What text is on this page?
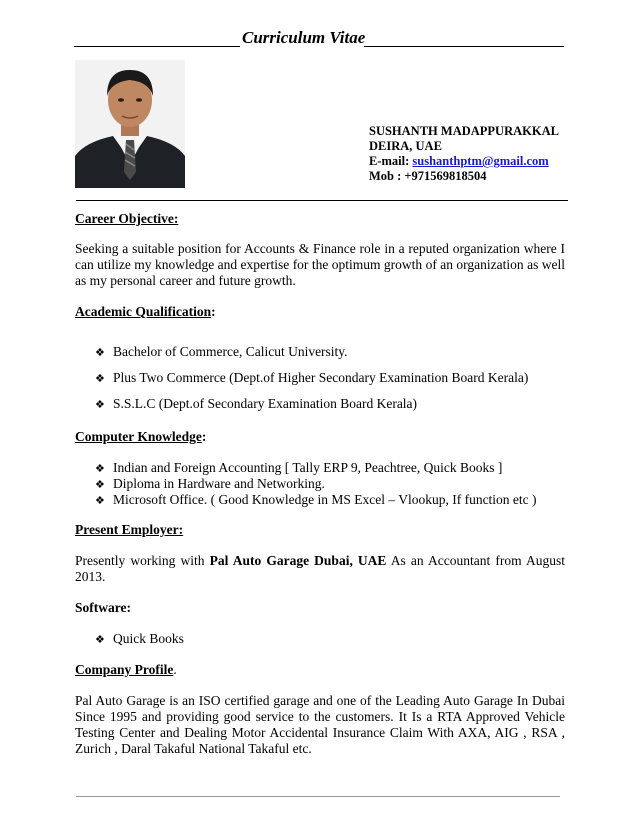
Curriculum Vitae
SUSHANTH MADAPPURAKKAL
DEIRA, UAE
E-mail: sushanthptm@gmail.com
Mob : +971569818504
Career Objective:
Seeking a suitable position for Accounts & Finance role in a reputed organization where I can utilize my knowledge and expertise for the optimum growth of an organization as well as my personal career and future growth.
Academic Qualification:
❖ Bachelor of Commerce, Calicut University.
❖ Plus Two Commerce (Dept.of Higher Secondary Examination Board Kerala)
❖ S.S.L.C (Dept.of Secondary Examination Board Kerala)
Computer Knowledge:
❖ Indian and Foreign Accounting [ Tally ERP 9, Peachtree, Quick Books ]
❖ Diploma in Hardware and Networking.
❖ Microsoft Office. ( Good Knowledge in MS Excel – Vlookup, If function etc )
Present Employer:
Presently working with Pal Auto Garage Dubai, UAE As an Accountant from August 2013.
Software:
❖ Quick Books
Company Profile.
Pal Auto Garage is an ISO certified garage and one of the Leading Auto Garage In Dubai Since 1995 and providing good service to the customers. It Is a RTA Approved Vehicle Testing Center and Dealing Motor Accidental Insurance Claim With AXA, AIG , RSA , Zurich , Daral Takaful National Takaful etc.
